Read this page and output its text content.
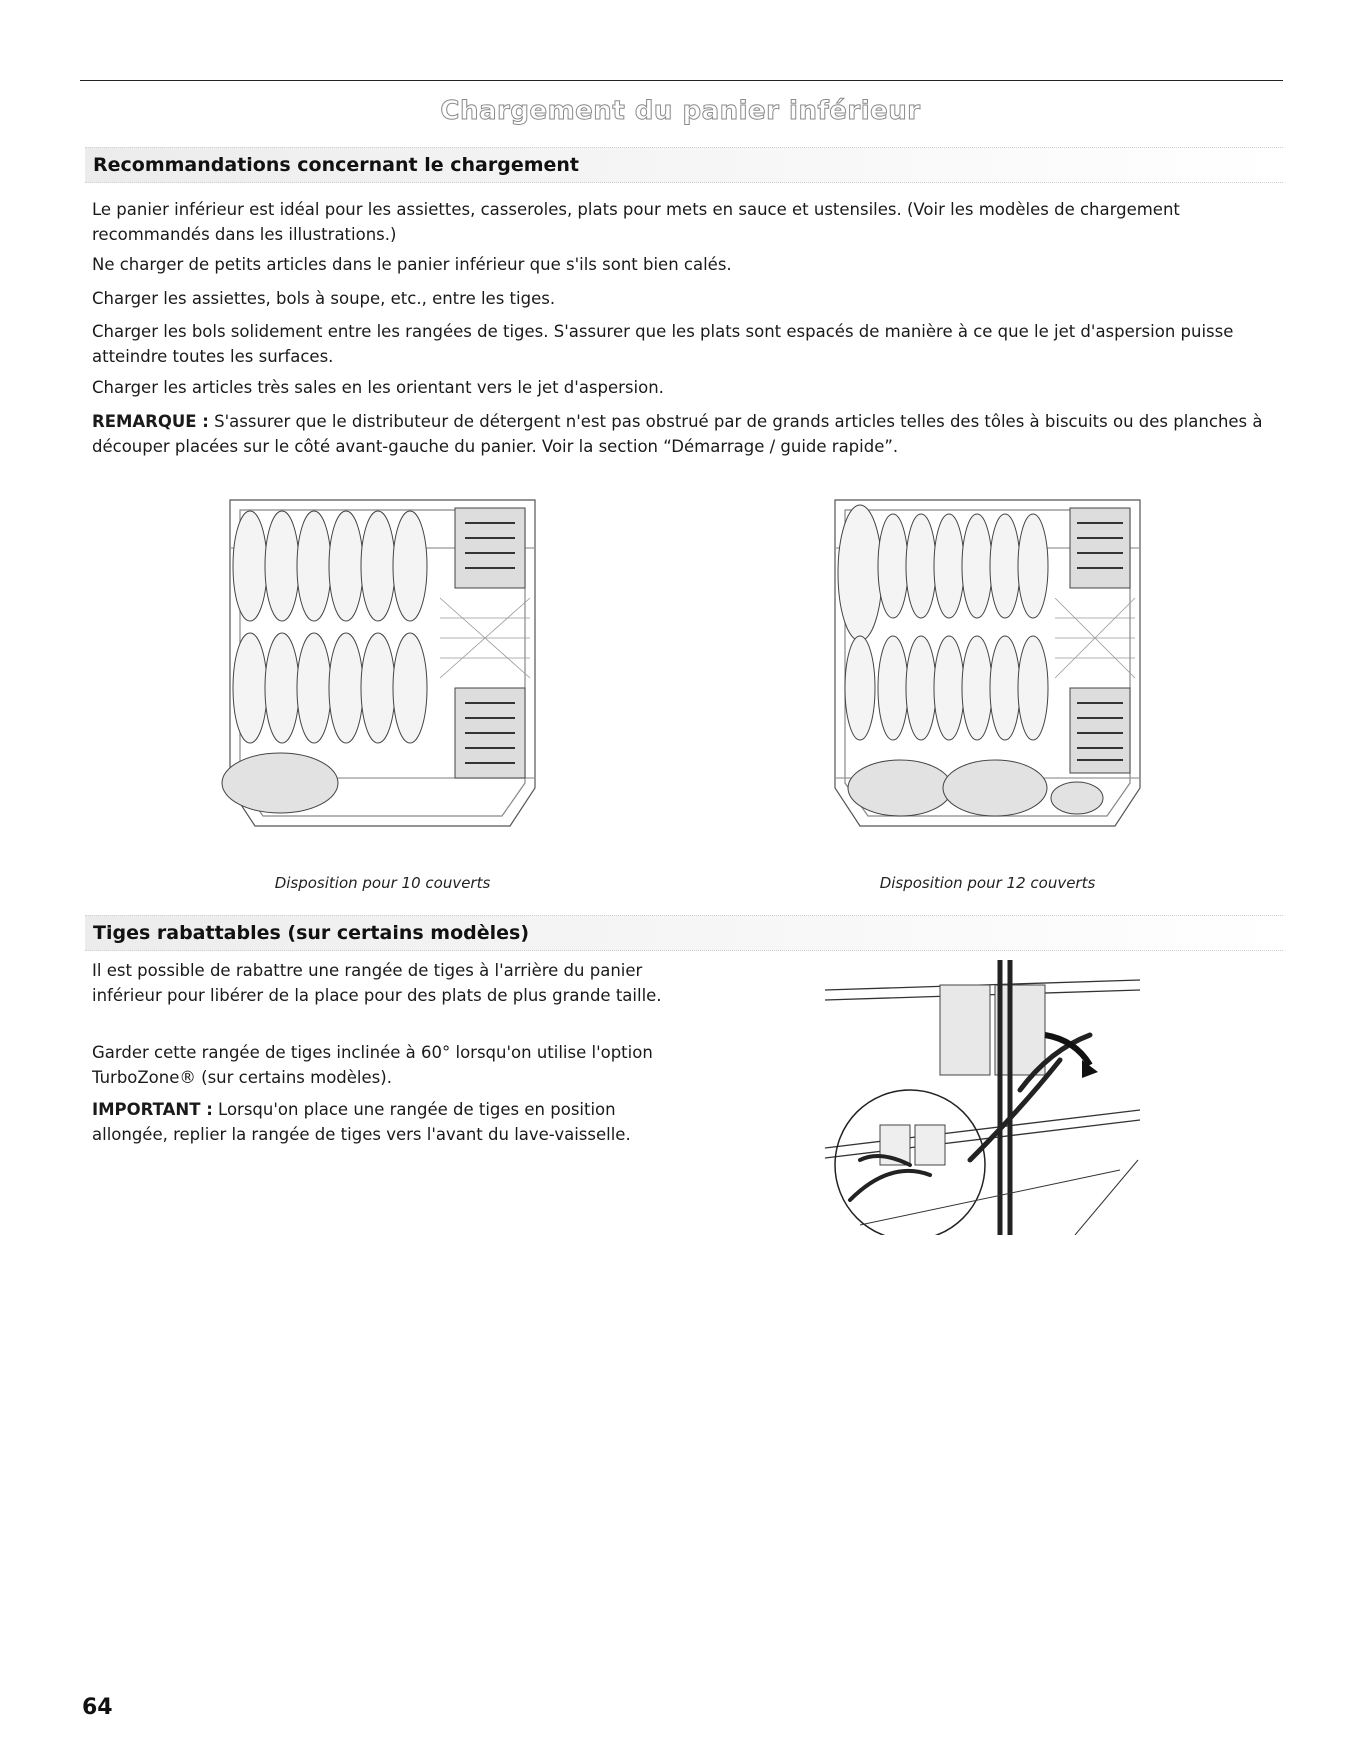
Chargement du panier inférieur
Recommandations concernant le chargement

Le panier inférieur est idéal pour les assiettes, casseroles, plats pour mets en sauce et ustensiles. (Voir les modèles de chargement recommandés dans les illustrations.)

Ne charger de petits articles dans le panier inférieur que s'ils sont bien calés.

Charger les assiettes, bols à soupe, etc., entre les tiges.

Charger les bols solidement entre les rangées de tiges. S'assurer que les plats sont espacés de manière à ce que le jet d'aspersion puisse atteindre toutes les surfaces.

Charger les articles très sales en les orientant vers le jet d'aspersion.

REMARQUE : S'assurer que le distributeur de détergent n'est pas obstrué par de grands articles telles des tôles à biscuits ou des planches à découper placées sur le côté avant-gauche du panier. Voir la section “Démarrage / guide rapide”.

Disposition pour 10 couverts	Disposition pour 12 couverts
Tiges rabattables (sur certains modèles)

Il est possible de rabattre une rangée de tiges à l'arrière du panier inférieur pour libérer de la place pour des plats de plus grande taille.

Garder cette rangée de tiges inclinée à 60° lorsqu'on utilise l'option TurboZone® (sur certains modèles).

IMPORTANT : Lorsqu'on place une rangée de tiges en position allongée, replier la rangée de tiges vers l'avant du lave-vaisselle.

64
